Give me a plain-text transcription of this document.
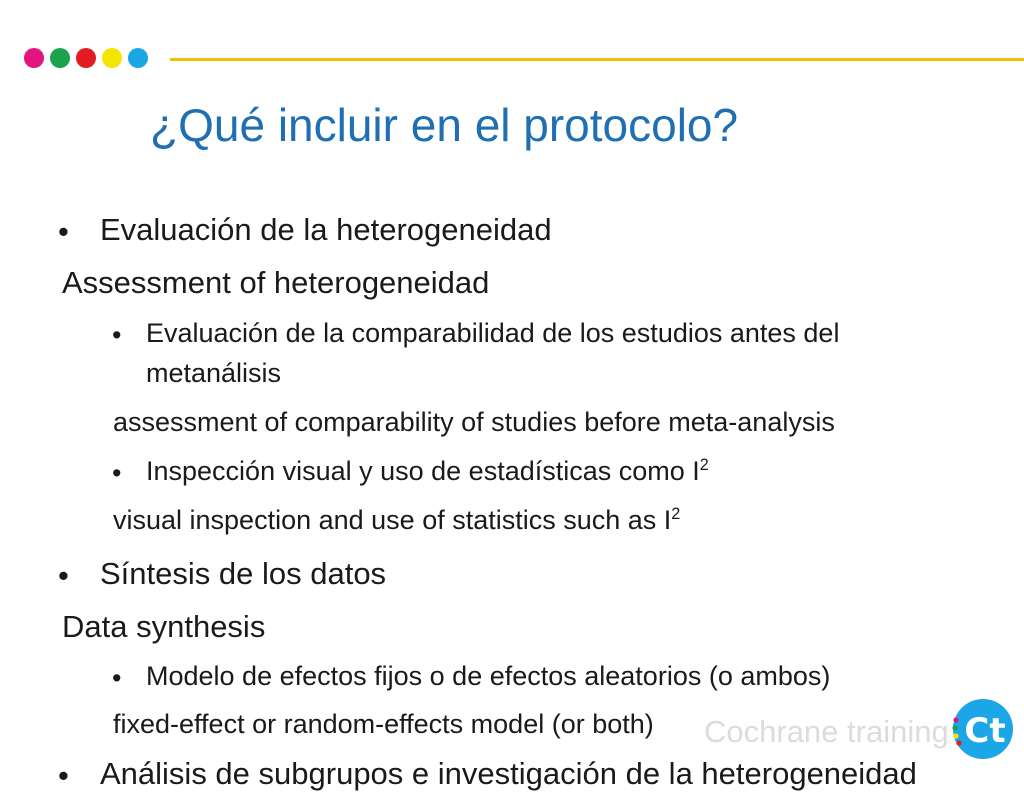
¿Qué incluir en el protocolo?
• Evaluación de la heterogeneidad
Assessment of heterogeneidad
• Evaluación de la comparabilidad de los estudios antes del
metanálisis
assessment of comparability of studies before meta-analysis
• Inspección visual y uso de estadísticas como $I^2$
visual inspection and use of statistics such as $I^2$
• Síntesis de los datos
Data synthesis
• Modelo de efectos fijos o de efectos aleatorios (o ambos)
fixed-effect or random-effects model (or both)
• Análisis de subgrupos e investigación de la heterogeneidad
Cochrane training Ct
